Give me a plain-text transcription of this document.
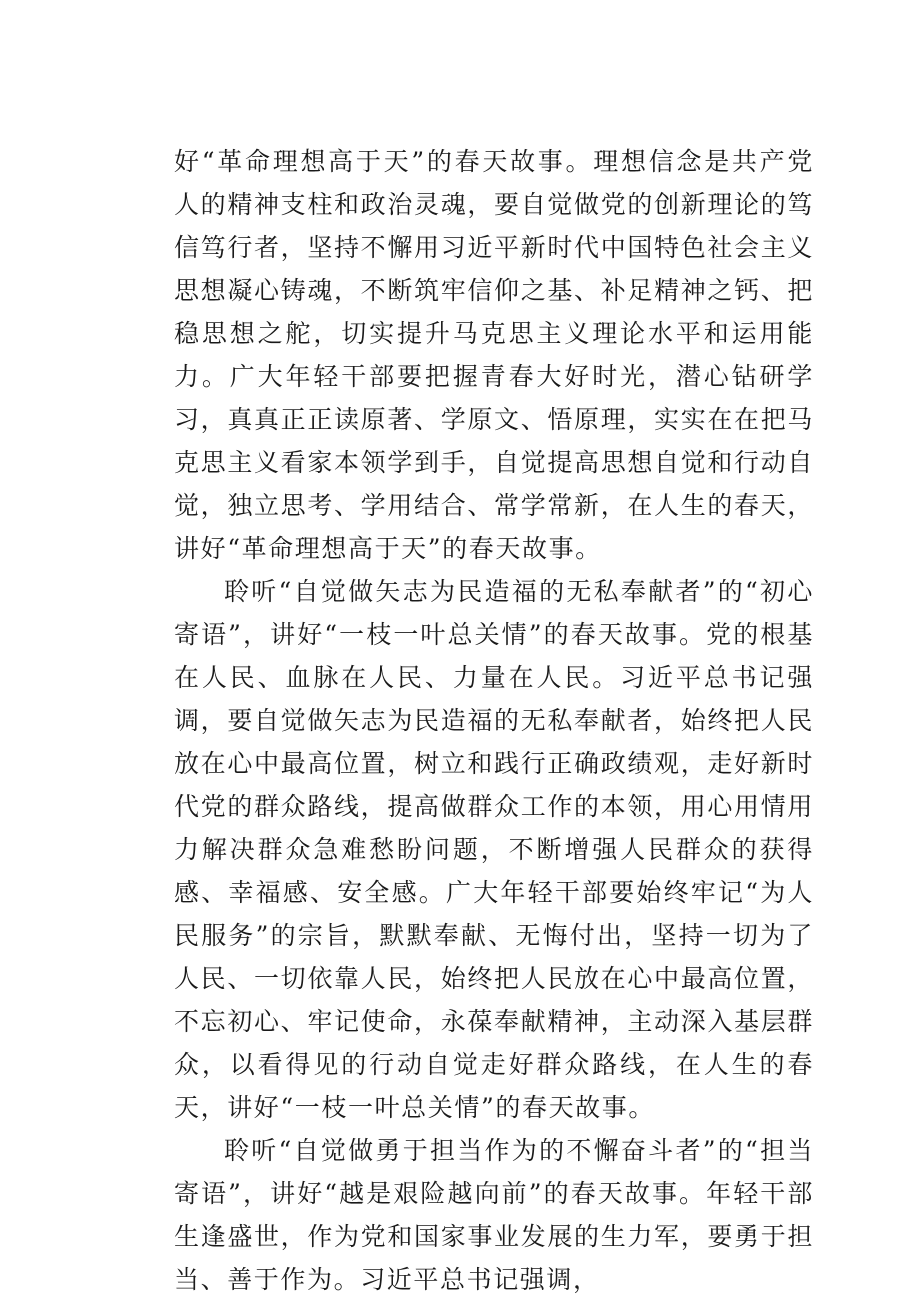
好“革命理想高于天”的春天故事。理想信念是共产党人的精神支柱和政治灵魂，要自觉做党的创新理论的笃信笃行者，坚持不懈用习近平新时代中国特色社会主义思想凝心铸魂，不断筑牢信仰之基、补足精神之钙、把稳思想之舵，切实提升马克思主义理论水平和运用能力。广大年轻干部要把握青春大好时光，潜心钻研学习，真真正正读原著、学原文、悟原理，实实在在把马克思主义看家本领学到手，自觉提高思想自觉和行动自觉，独立思考、学用结合、常学常新，在人生的春天，讲好“革命理想高于天”的春天故事。

聆听“自觉做矢志为民造福的无私奉献者”的“初心寄语”，讲好“一枝一叶总关情”的春天故事。党的根基在人民、血脉在人民、力量在人民。习近平总书记强调，要自觉做矢志为民造福的无私奉献者，始终把人民放在心中最高位置，树立和践行正确政绩观，走好新时代党的群众路线，提高做群众工作的本领，用心用情用力解决群众急难愁盼问题，不断增强人民群众的获得感、幸福感、安全感。广大年轻干部要始终牢记“为人民服务”的宗旨，默默奉献、无悔付出，坚持一切为了人民、一切依靠人民，始终把人民放在心中最高位置，不忘初心、牢记使命，永葆奉献精神，主动深入基层群众，以看得见的行动自觉走好群众路线，在人生的春天，讲好“一枝一叶总关情”的春天故事。

聆听“自觉做勇于担当作为的不懈奋斗者”的“担当寄语”，讲好“越是艰险越向前”的春天故事。年轻干部生逢盛世，作为党和国家事业发展的生力军，要勇于担当、善于作为。习近平总书记强调，
